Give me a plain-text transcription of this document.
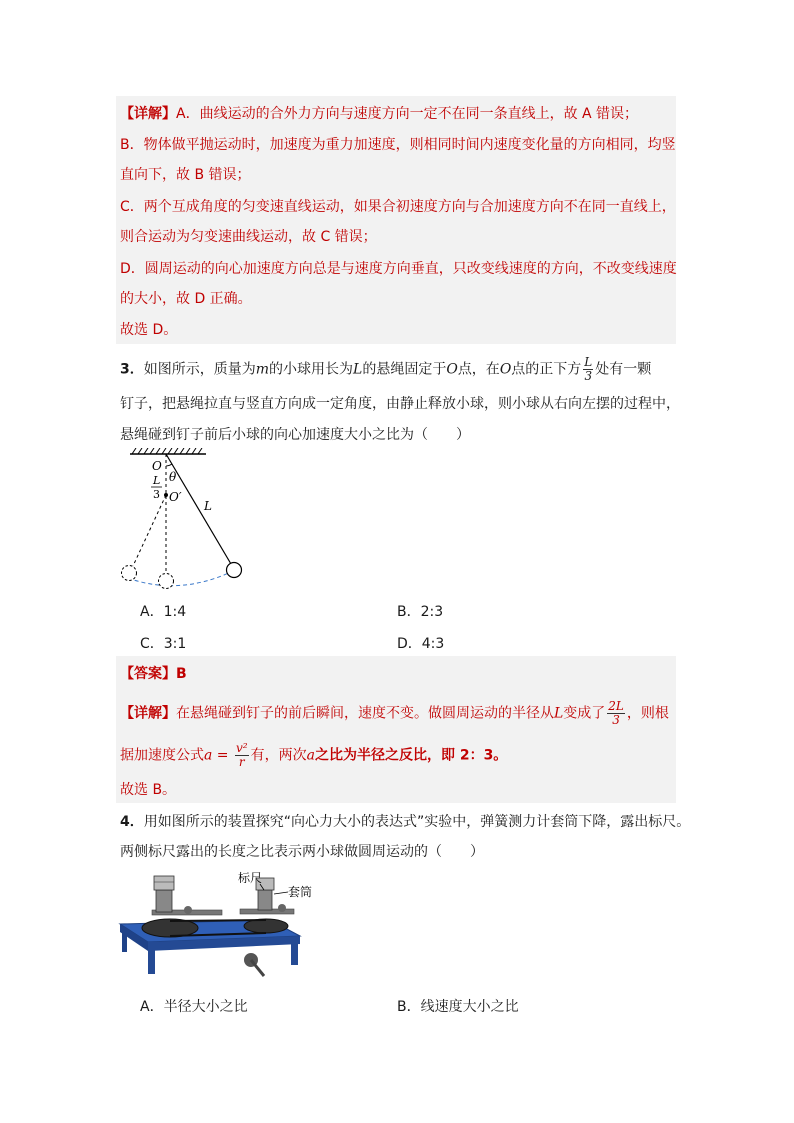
【详解】A．曲线运动的合外力方向与速度方向一定不在同一条直线上，故 A 错误；
B．物体做平抛运动时，加速度为重力加速度，则相同时间内速度变化量的方向相同，均竖
直向下，故 B 错误；
C．两个互成角度的匀变速直线运动，如果合初速度方向与合加速度方向不在同一直线上，
则合运动为匀变速曲线运动，故 C 错误；
D．圆周运动的向心加速度方向总是与速度方向垂直，只改变线速度的方向，不改变线速度
的大小，故 D 正确。
故选 D。
3．如图所示，质量为m的小球用长为L的悬绳固定于O点，在O点的正下方 $\frac{L}{3}$ 处有一颗
钉子，把悬绳拉直与竖直方向成一定角度，由静止释放小球，则小球从右向左摆的过程中，
悬绳碰到钉子前后小球的向心加速度大小之比为（　　）
O
θ
L
3 O′
L
A．1:4	B．2:3
C．3:1	D．4:3
【答案】B
【详解】在悬绳碰到钉子的前后瞬间，速度不变。做圆周运动的半径从L变成了 $\frac{2L}{3}$ ，则根
据加速度公式$a = \frac{\text{v²}}{r}$ 有，两次a之比为半径之反比，即 2：3。
故选 B。
4．用如图所示的装置探究“向心力大小的表达式”实验中，弹簧测力计套筒下降，露出标尺。
两侧标尺露出的长度之比表示两小球做圆周运动的（　　）
标尺
套筒
A．半径大小之比	B．线速度大小之比
